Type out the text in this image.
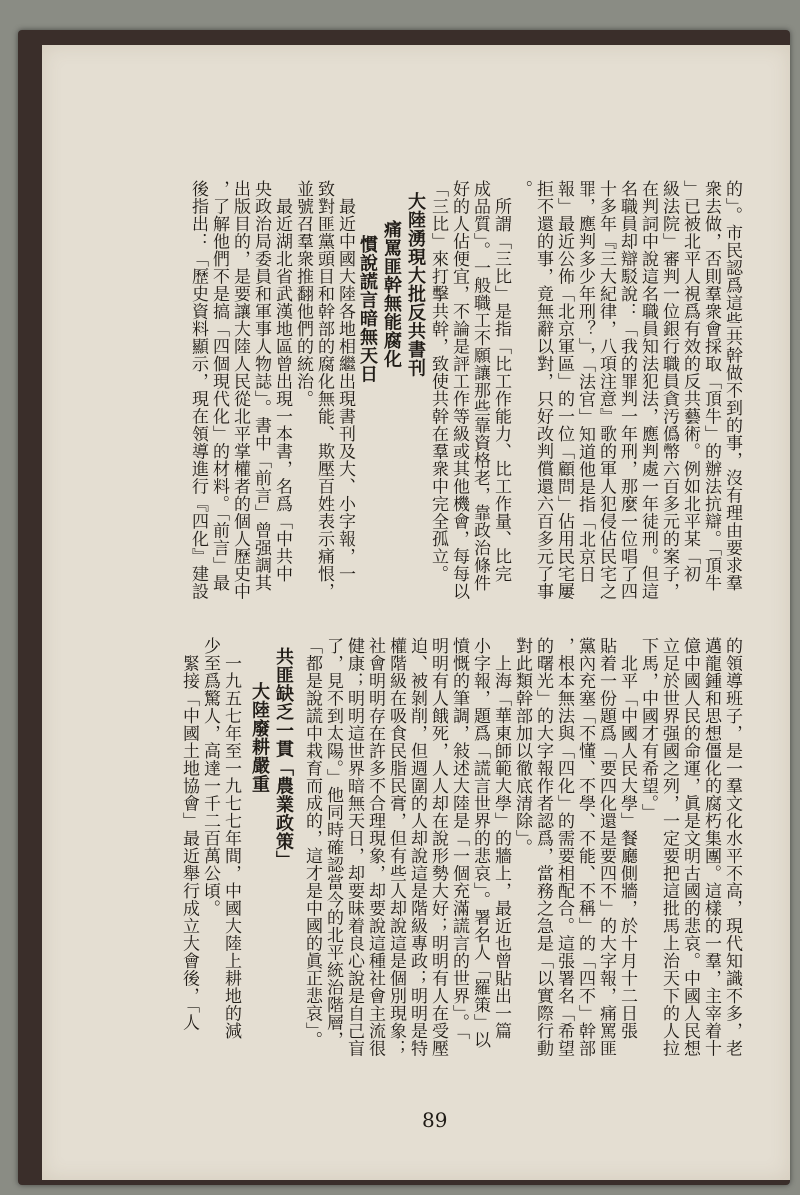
的」。市民認爲這些共幹做不到的事，沒有理由要求羣
衆去做，否則羣衆會採取「頂牛」的辦法抗辯。「頂牛
」已被北平人視爲有效的反共藝術。例如北平某「初
級法院」審判一位銀行職員貪汚僞幣六百多元的案子，
在判詞中說這名職員知法犯法，應判處一年徒刑。但這
名職員却辯駁說：「我的罪判一年刑，那麼一位唱了四
十多年『三大紀律，八項注意』歌的軍人犯侵佔民宅之
罪，應判多少年刑？」，「法官」知道他是指「北京日
報」最近公佈「北京軍區」的一位「顧問」佔用民宅屢
拒不還的事，竟無辭以對，只好改判償還六百多元了事
。
　所謂「三比」是指「比工作能力、比工作量、比完
成品質」。一般職工不願讓那些靠資格老，靠政治條件
好的人佔便宜，不論是評工作等級或其他機會，每每以
「三比」來打擊共幹，致使共幹在羣衆中完全孤立。
大陸湧現大批反共書刊
痛罵匪幹無能腐化
慣說謊言暗無天日
　最近中國大陸各地相繼出現書刊及大、小字報，一
致對匪黨頭目和幹部的腐化無能、欺壓百姓表示痛恨，
並號召羣衆推翻他們的統治。
　最近湖北省武漢地區曾出現一本書，名爲「中共中
央政治局委員和軍事人物誌」。書中「前言」曾强調其
出版目的，是要讓大陸人民從北平掌權者的個人歷史中
，了解他們不是搞「四個現代化」的材料。「前言」最
後指出：「歷史資料顯示，現在領導進行『四化』建設
的領導班子，是一羣文化水平不高，現代知識不多，老
邁龍鍾和思想僵化的腐朽集團。這樣的一羣，主宰着十
億中國人民的命運，眞是文明古國的悲哀。中國人民想
立足於世界强國之列，一定要把這批馬上治天下的人拉
下馬，中國才有希望。」
　北平「中國人民大學」餐廳側牆，於十月十二日張
貼着一份題爲「要四化還是要四不」的大字報，痛罵匪
黨內充塞「不懂、不學、不能、不稱」的「四不」幹部
，根本無法與「四化」的需要相配合。這張署名「希望
的曙光」的大字報作者認爲，當務之急是「以實際行動
對此類幹部加以徹底清除」。
　上海「華東師範大學」的牆上，最近也曾貼出一篇
小字報，題爲「謊言世界的悲哀」。署名人「羅策」以
憤慨的筆調，敍述大陸是「一個充滿謊言的世界」。「
明明有人餓死，人人却在說形勢大好；明明有人在受壓
迫、被剝削，但週圍的人却說這是階級專政；明明是特
權階級在吸食民脂民膏，但有些人却說這是個別現象；
社會明明存在許多不合理現象，却要說這種社會主流很
健康；明明這世界暗無天日，却要昧着良心說是自己盲
了，見不到太陽。」他同時確認當今的北平統治階層，
「都是說謊中栽育而成的，這才是中國的眞正悲哀」。
共匪缺乏一貫「農業政策」
大陸廢耕嚴重
　一九五七年至一九七七年間，中國大陸上耕地的減
少至爲驚人，高達一千二百萬公頃。
　緊接「中國土地協會」最近舉行成立大會後，「人
89
